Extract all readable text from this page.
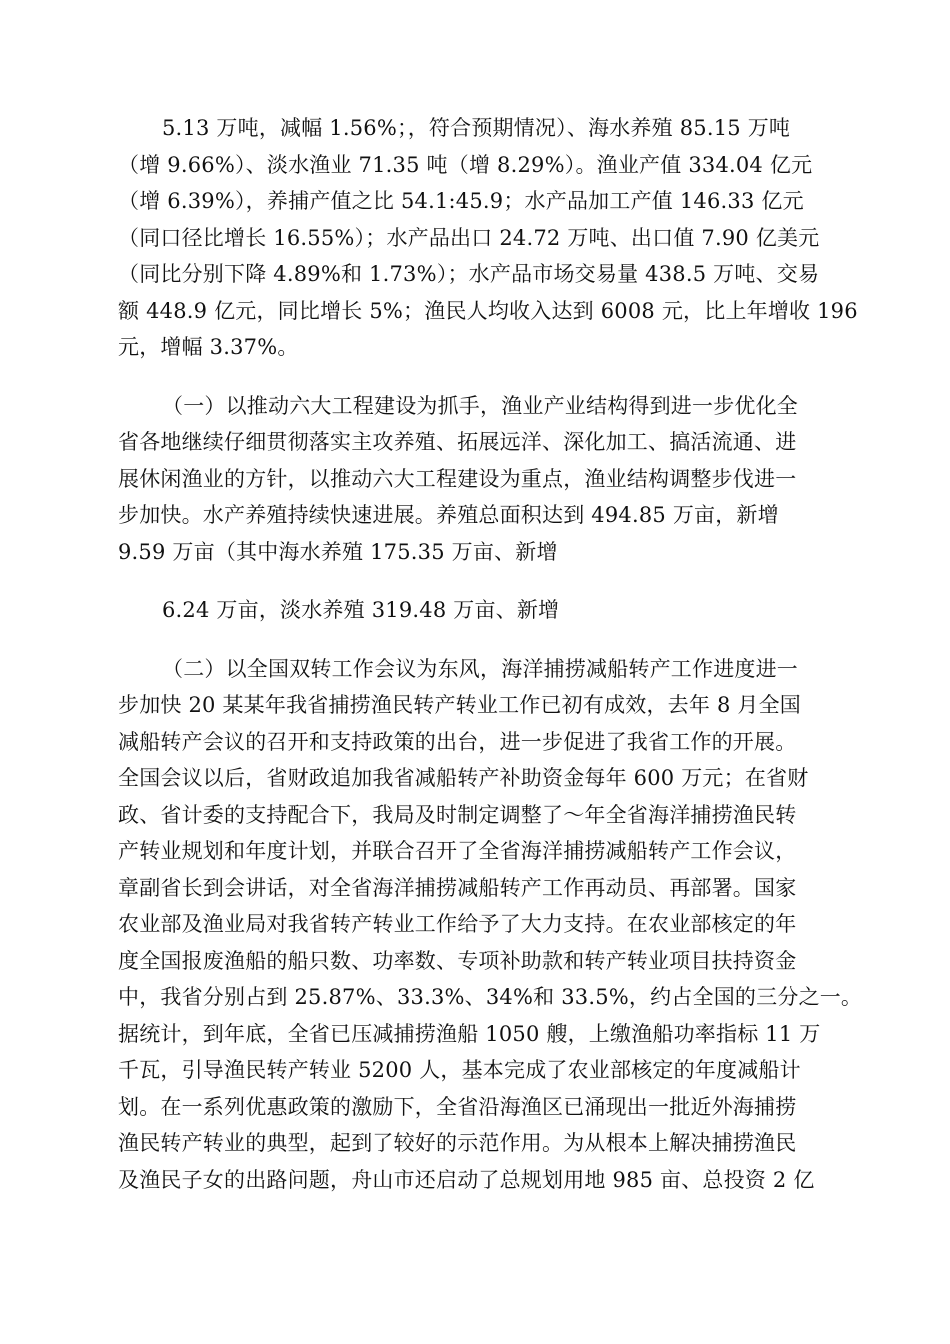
5.13 万吨，减幅 1.56%；，符合预期情况）、海水养殖 85.15 万吨
（增 9.66%）、淡水渔业 71.35 吨（增 8.29%）。渔业产值 334.04 亿元
（增 6.39%），养捕产值之比 54.1:45.9；水产品加工产值 146.33 亿元
（同口径比增长 16.55%）；水产品出口 24.72 万吨、出口值 7.90 亿美元
（同比分别下降 4.89%和 1.73%）；水产品市场交易量 438.5 万吨、交易
额 448.9 亿元，同比增长 5%；渔民人均收入达到 6008 元，比上年增收 196
元，增幅 3.37%。
（一）以推动六大工程建设为抓手，渔业产业结构得到进一步优化全
省各地继续仔细贯彻落实主攻养殖、拓展远洋、深化加工、搞活流通、进
展休闲渔业的方针，以推动六大工程建设为重点，渔业结构调整步伐进一
步加快。水产养殖持续快速进展。养殖总面积达到 494.85 万亩，新增
9.59 万亩（其中海水养殖 175.35 万亩、新增
6.24 万亩，淡水养殖 319.48 万亩、新增
（二）以全国双转工作会议为东风，海洋捕捞减船转产工作进度进一
步加快 20 某某年我省捕捞渔民转产转业工作已初有成效，去年 8 月全国
减船转产会议的召开和支持政策的出台，进一步促进了我省工作的开展。
全国会议以后，省财政追加我省减船转产补助资金每年 600 万元；在省财
政、省计委的支持配合下，我局及时制定调整了～年全省海洋捕捞渔民转
产转业规划和年度计划，并联合召开了全省海洋捕捞减船转产工作会议，
章副省长到会讲话，对全省海洋捕捞减船转产工作再动员、再部署。国家
农业部及渔业局对我省转产转业工作给予了大力支持。在农业部核定的年
度全国报废渔船的船只数、功率数、专项补助款和转产转业项目扶持资金
中，我省分别占到 25.87%、33.3%、34%和 33.5%，约占全国的三分之一。
据统计，到年底，全省已压减捕捞渔船 1050 艘，上缴渔船功率指标 11 万
千瓦，引导渔民转产转业 5200 人，基本完成了农业部核定的年度减船计
划。在一系列优惠政策的激励下，全省沿海渔区已涌现出一批近外海捕捞
渔民转产转业的典型，起到了较好的示范作用。为从根本上解决捕捞渔民
及渔民子女的出路问题，舟山市还启动了总规划用地 985 亩、总投资 2 亿
